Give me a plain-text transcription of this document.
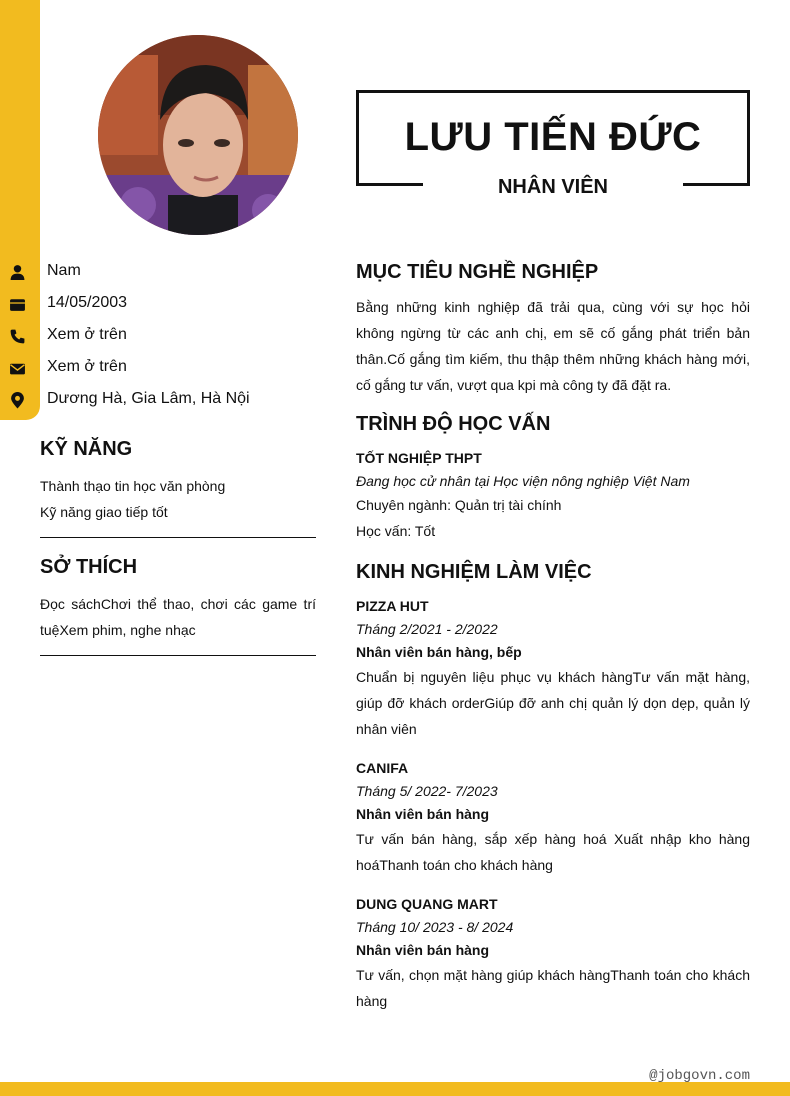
LƯU TIẾN ĐỨC
NHÂN VIÊN
Nam
14/05/2003
Xem ở trên
Xem ở trên
Dương Hà, Gia Lâm, Hà Nội
KỸ NĂNG
Thành thạo tin học văn phòng
Kỹ năng giao tiếp tốt
SỞ THÍCH
Đọc sáchChơi thể thao, chơi các game trí tuệXem phim, nghe nhạc
MỤC TIÊU NGHỀ NGHIỆP
Bằng những kinh nghiệp đã trải qua, cùng với sự học hỏi không ngừng từ các anh chị, em sẽ cố gắng phát triển bản thân.Cố gắng tìm kiếm, thu thập thêm những khách hàng mới, cố gắng tư vấn, vượt qua kpi mà công ty đã đặt ra.
TRÌNH ĐỘ HỌC VẤN
TỐT NGHIỆP THPT
Đang học cử nhân tại Học viện nông nghiệp Việt Nam
Chuyên ngành: Quản trị tài chính
Học vấn: Tốt
KINH NGHIỆM LÀM VIỆC
PIZZA HUT
Tháng 2/2021 - 2/2022
Nhân viên bán hàng, bếp
Chuẩn bị nguyên liệu phục vụ khách hàngTư vấn mặt hàng, giúp đỡ khách orderGiúp đỡ anh chị quản lý dọn dẹp, quản lý nhân viên
CANIFA
Tháng 5/ 2022- 7/2023
Nhân viên bán hàng
Tư vấn bán hàng, sắp xếp hàng hoá Xuất nhập kho hàng hoáThanh toán cho khách hàng
DUNG QUANG MART
Tháng 10/ 2023 - 8/ 2024
Nhân viên bán hàng
Tư vấn, chọn mặt hàng giúp khách hàngThanh toán cho khách hàng
@jobgovn.com
